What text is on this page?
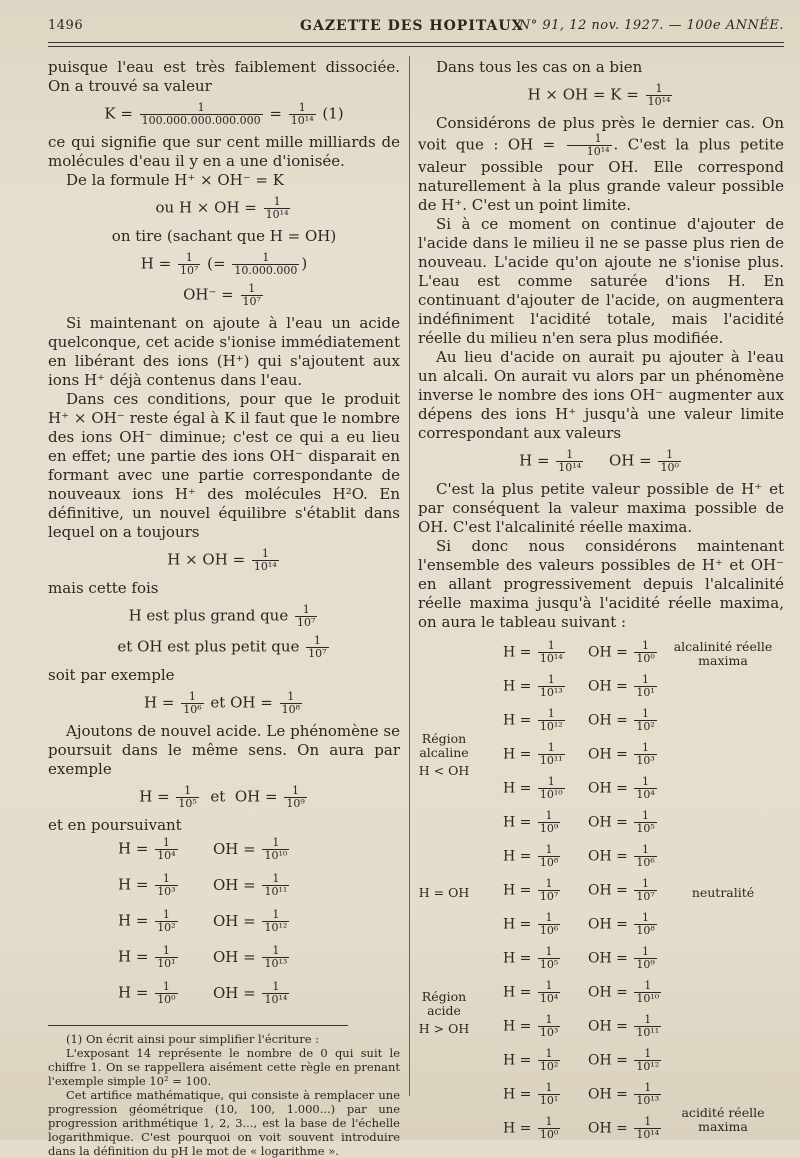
1496	GAZETTE DES HOPITAUX
N° 91, 12 nov. 1927. — 100e ANNÉE.

puisque l'eau est très faiblement dissociée. On a trouvé sa valeur

$K = \frac{1}{100.000.000.000.000} = \frac{1}{\text{10¹⁴}} (1)$

ce qui signifie que sur cent mille milliards de molécules d'eau il y en a une d'ionisée.

De la formule H⁺ × OH⁻ = K

ou H × OH = $\frac{1}{\text{10¹⁴}}$
on tire (sachant que H = OH)
$H = \frac{1}{\text{10⁷}}$ (= $\frac{1}{10.000.000}$ )
$OH^- = \frac{1}{\text{10⁷}}$

Si maintenant on ajoute à l'eau un acide quelconque, cet acide s'ionise immédiatement en libérant des ions (H⁺) qui s'ajoutent aux ions H⁺ déjà contenus dans l'eau.

Dans ces conditions, pour que le produit H⁺ × OH⁻ reste égal à K il faut que le nombre des ions OH⁻ diminue; c'est ce qui a eu lieu en effet; une partie des ions OH⁻ disparait en formant avec une partie correspondante de nouveaux ions H⁺ des molécules H²O. En définitive, un nouvel équilibre s'établit dans lequel on a toujours

H × OH = $\frac{1}{\text{10¹⁴}}$

mais cette fois

H est plus grand que $\frac{1}{\text{10⁷}}$
et OH est plus petit que $\frac{1}{\text{10⁷}}$

soit par exemple

$H = \frac{1}{\text{10⁶}}$ et OH = $\frac{1}{\text{10⁸}}$

Ajoutons de nouvel acide. Le phénomène se poursuit dans le même sens. On aura par exemple

$H = \frac{1}{\text{10⁵}}$ et OH = $\frac{1}{\text{10⁹}}$

et en poursuivant

$H = \frac{1}{\text{10⁴}}$ OH = $\frac{1}{\text{10¹⁰}}$
$H = \frac{1}{\text{10³}}$ OH = $\frac{1}{\text{10¹¹}}$
$H = \frac{1}{\text{10²}}$ OH = $\frac{1}{\text{10¹²}}$
$H = \frac{1}{\text{10¹}}$ OH = $\frac{1}{\text{10¹³}}$
$H = \frac{1}{\text{10⁰}}$ OH = $\frac{1}{\text{10¹⁴}}$

(1) On écrit ainsi pour simplifier l'écriture :

L'exposant 14 représente le nombre de 0 qui suit le chiffre 1. On se rappellera aisément cette règle en prenant l'exemple simple 10² = 100.

Cet artifice mathématique, qui consiste à remplacer une progression géométrique (10, 100, 1.000...) par une progression arithmétique 1, 2, 3..., est la base de l'échelle logarithmique. C'est pourquoi on voit souvent introduire dans la définition du pH le mot de « logarithme ».

Dans tous les cas on a bien

H × OH = $K = \frac{1}{\text{10¹⁴}}$

Considérons de plus près le dernier cas. On voit que : OH = $\frac{1}{\text{10¹⁴}}$ . C'est la plus petite valeur possible pour OH. Elle correspond naturellement à la plus grande valeur possible de H⁺. C'est un point limite.

Si à ce moment on continue d'ajouter de l'acide dans le milieu il ne se passe plus rien de nouveau. L'acide qu'on ajoute ne s'ionise plus. L'eau est comme saturée d'ions H. En continuant d'ajouter de l'acide, on augmentera indéfiniment l'acidité totale, mais l'acidité réelle du milieu n'en sera plus modifiée.

Au lieu d'acide on aurait pu ajouter à l'eau un alcali. On aurait vu alors par un phénomène inverse le nombre des ions OH⁻ augmenter aux dépens des ions H⁺ jusqu'à une valeur limite correspondant aux valeurs

$H = \frac{1}{\text{10¹⁴}}$ OH = $\frac{1}{\text{10⁰}}$

C'est la plus petite valeur possible de H⁺ et par conséquent la valeur maxima possible de OH. C'est l'alcalinité réelle maxima.

Si donc nous considérons maintenant l'ensemble des valeurs possibles de H⁺ et OH⁻ en allant progressivement depuis l'alcalinité réelle maxima jusqu'à l'acidité réelle maxima, on aura le tableau suivant :

Région alcaline
H < OH
H = OH
Région acide
H > OH
alcalinité réelle maxima
neutralité
acidité réelle maxima
$H = \frac{1}{\text{10¹⁴}}$ OH = $\frac{1}{\text{10⁰}}$
$H = \frac{1}{\text{10¹³}}$ OH = $\frac{1}{\text{10¹}}$
$H = \frac{1}{\text{10¹²}}$ OH = $\frac{1}{\text{10²}}$
$H = \frac{1}{\text{10¹¹}}$ OH = $\frac{1}{\text{10³}}$
$H = \frac{1}{\text{10¹⁰}}$ OH = $\frac{1}{\text{10⁴}}$
$H = \frac{1}{\text{10⁹}}$ OH = $\frac{1}{\text{10⁵}}$
$H = \frac{1}{\text{10⁸}}$ OH = $\frac{1}{\text{10⁶}}$
$H = \frac{1}{\text{10⁷}}$ OH = $\frac{1}{\text{10⁷}}$
$H = \frac{1}{\text{10⁶}}$ OH = $\frac{1}{\text{10⁸}}$
$H = \frac{1}{\text{10⁵}}$ OH = $\frac{1}{\text{10⁹}}$
$H = \frac{1}{\text{10⁴}}$ OH = $\frac{1}{\text{10¹⁰}}$
$H = \frac{1}{\text{10³}}$ OH = $\frac{1}{\text{10¹¹}}$
$H = \frac{1}{\text{10²}}$ OH = $\frac{1}{\text{10¹²}}$
$H = \frac{1}{\text{10¹}}$ OH = $\frac{1}{\text{10¹³}}$
$H = \frac{1}{\text{10⁰}}$ OH = $\frac{1}{\text{10¹⁴}}$
